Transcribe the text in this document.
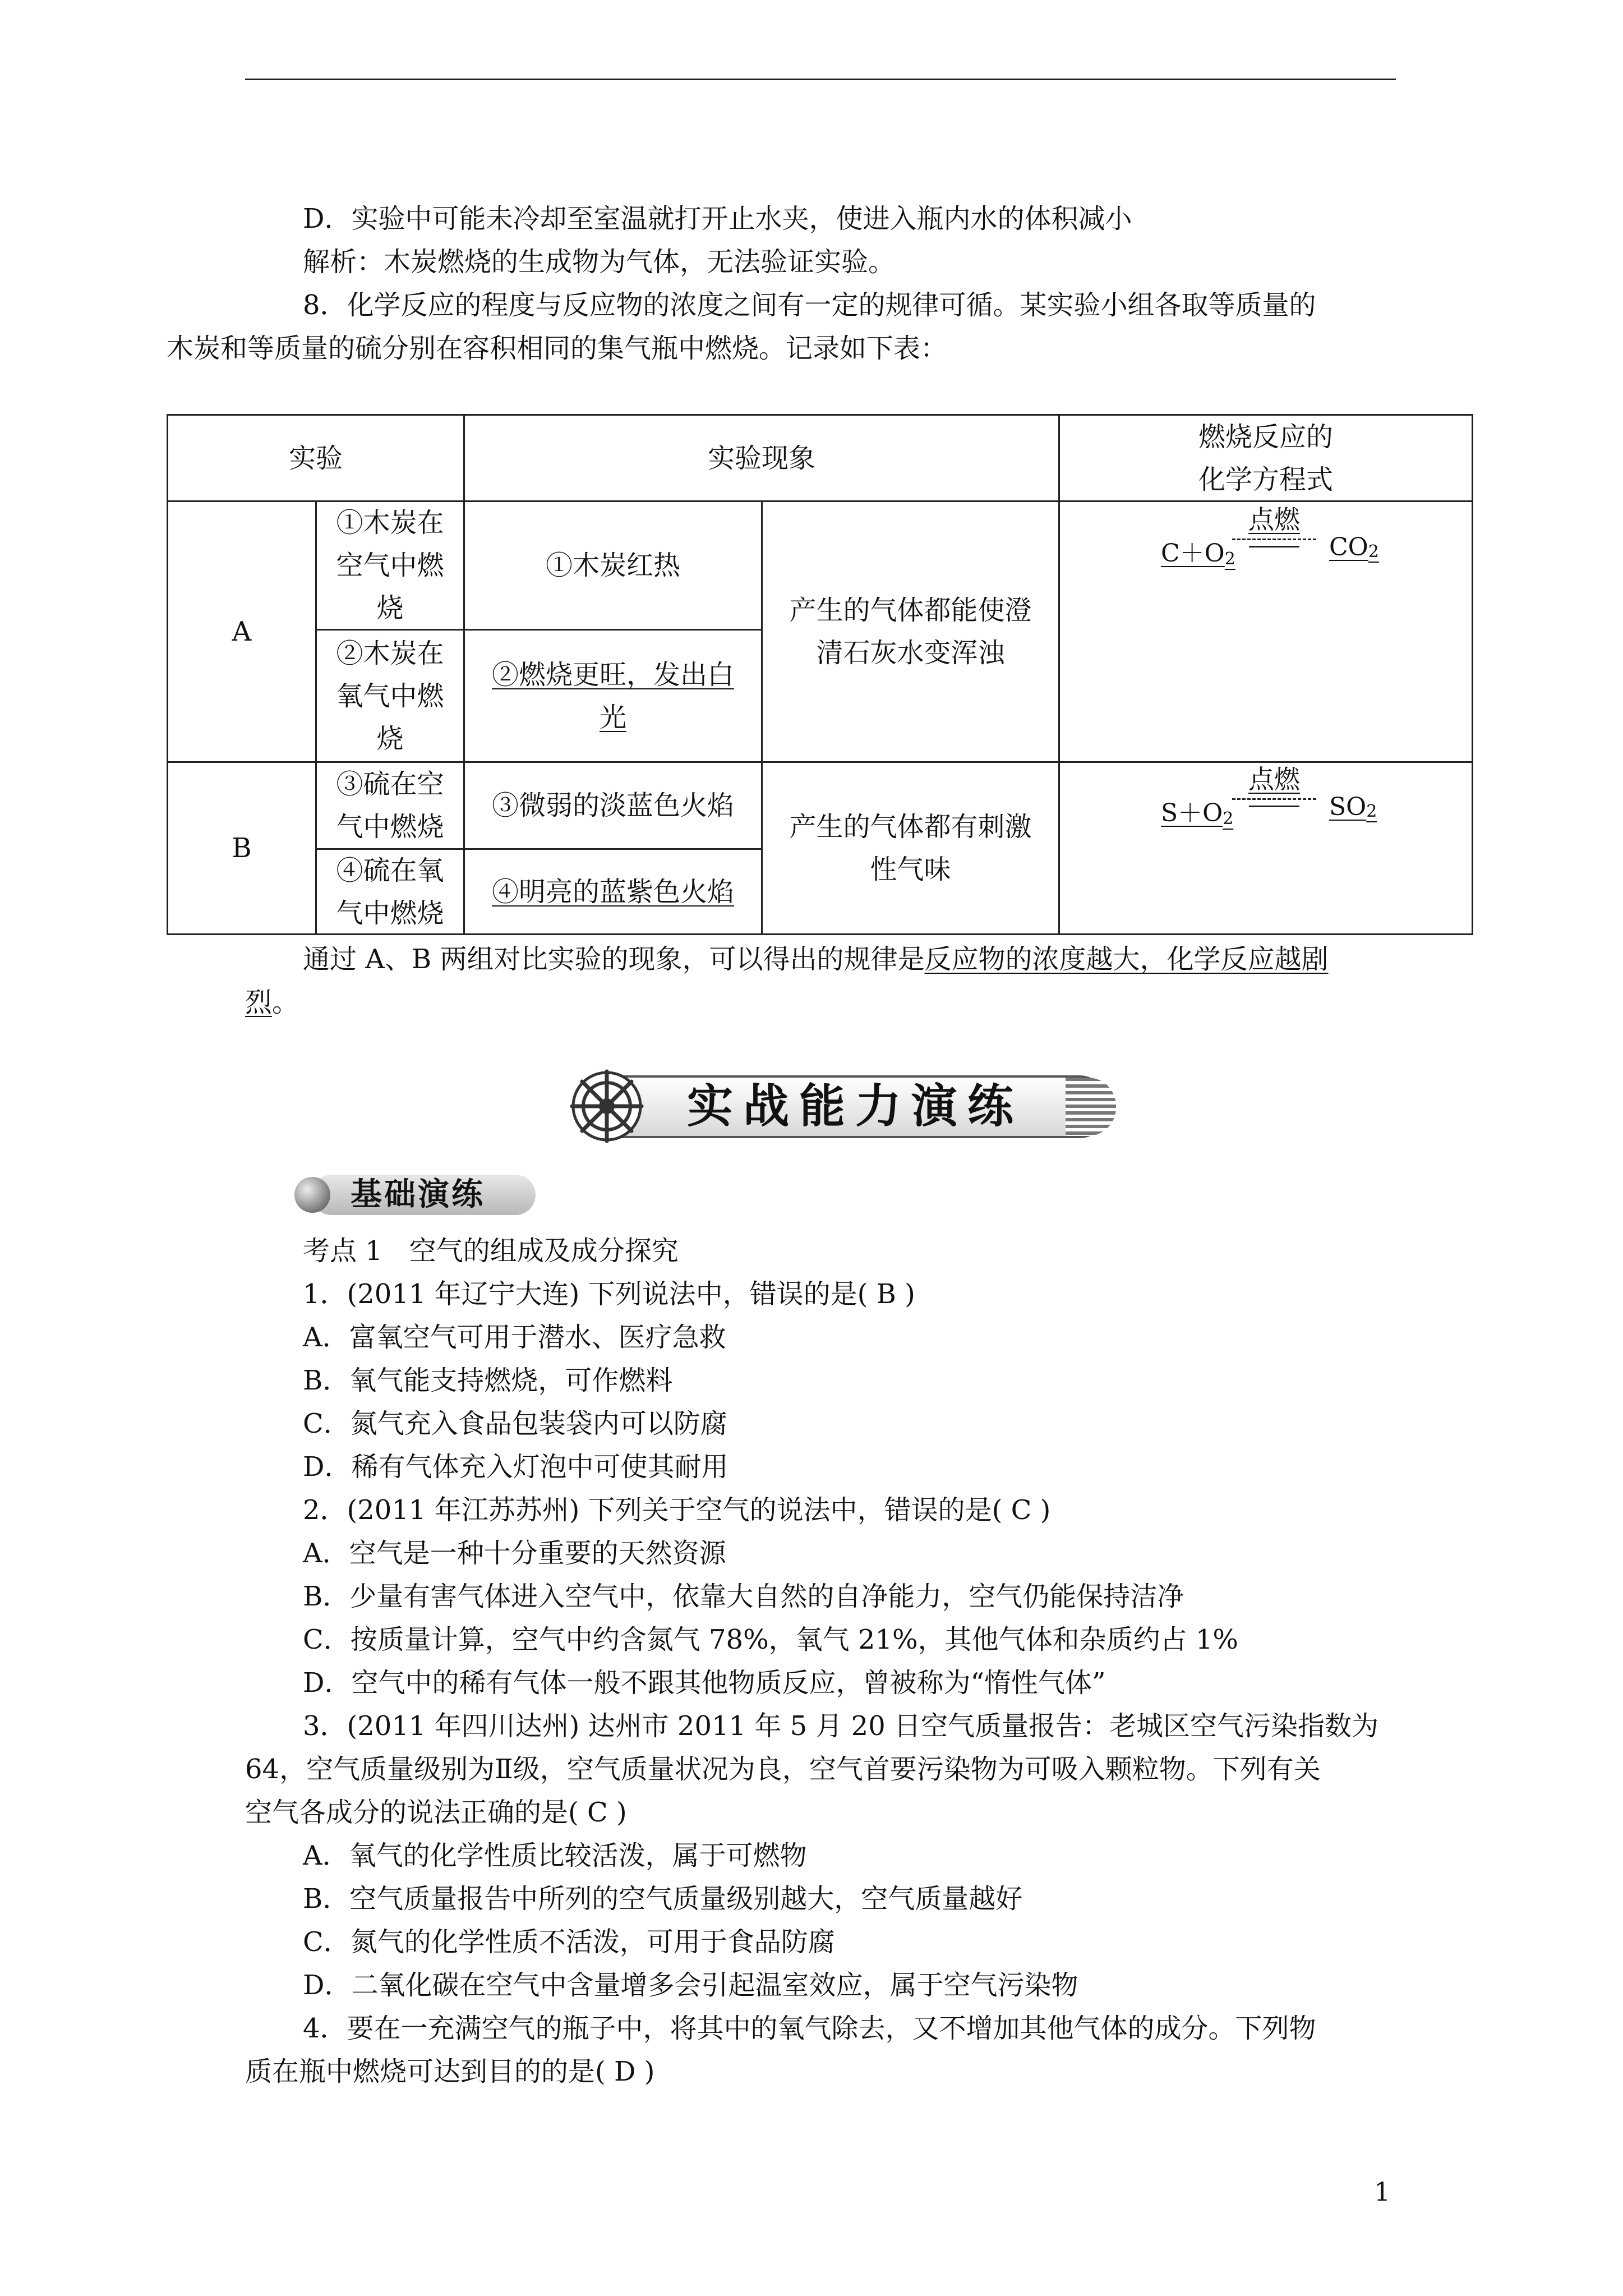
D．实验中可能未冷却至室温就打开止水夹，使进入瓶内水的体积减小
解析：木炭燃烧的生成物为气体，无法验证实验。
8．化学反应的程度与反应物的浓度之间有一定的规律可循。某实验小组各取等质量的
木炭和等质量的硫分别在容积相同的集气瓶中燃烧。记录如下表：
实验	实验现象
燃烧反应的
化学方程式
A
①木炭在
空气中燃
烧
①木炭红热
②木炭在
氧气中燃
烧
②燃烧更旺，发出白
光
产生的气体都能使澄
清石灰水变浑浊
C＋O 2
点燃
CO 2
B
③硫在空
气中燃烧
③微弱的淡蓝色火焰
④硫在氧
气中燃烧
④明亮的蓝紫色火焰
产生的气体都有刺激
性气味
S＋O 2
点燃
SO 2
通过 A、B 两组对比实验的现象，可以得出的规律是反应物的浓度越大，化学反应越剧
烈。
实战能力演练
基础演练
考点 1　空气的组成及成分探究
1．(2011 年辽宁大连) 下列说法中，错误的是( B )
A．富氧空气可用于潜水、医疗急救
B．氧气能支持燃烧，可作燃料
C．氮气充入食品包装袋内可以防腐
D．稀有气体充入灯泡中可使其耐用
2．(2011 年江苏苏州) 下列关于空气的说法中，错误的是( C )
A．空气是一种十分重要的天然资源
B．少量有害气体进入空气中，依靠大自然的自净能力，空气仍能保持洁净
C．按质量计算，空气中约含氮气 78%，氧气 21%，其他气体和杂质约占 1%
D．空气中的稀有气体一般不跟其他物质反应，曾被称为“惰性气体”
3．(2011 年四川达州) 达州市 2011 年 5 月 20 日空气质量报告：老城区空气污染指数为
64，空气质量级别为Ⅱ级，空气质量状况为良，空气首要污染物为可吸入颗粒物。下列有关
空气各成分的说法正确的是( C )
A．氧气的化学性质比较活泼，属于可燃物
B．空气质量报告中所列的空气质量级别越大，空气质量越好
C．氮气的化学性质不活泼，可用于食品防腐
D．二氧化碳在空气中含量增多会引起温室效应，属于空气污染物
4．要在一充满空气的瓶子中，将其中的氧气除去，又不增加其他气体的成分。下列物
质在瓶中燃烧可达到目的的是( D )
1
